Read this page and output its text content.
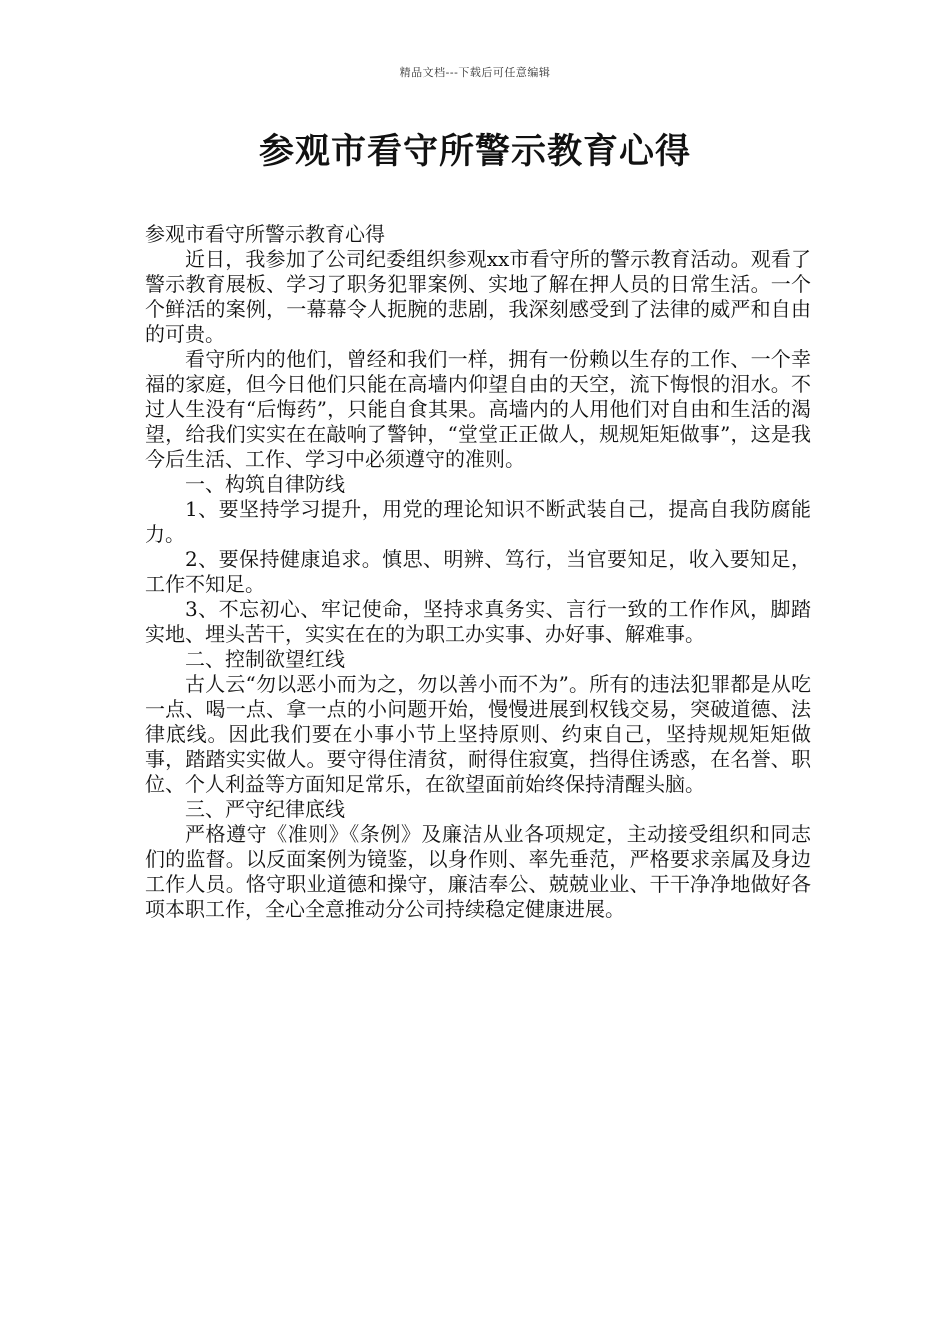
精品文档---下载后可任意编辑
参观市看守所警示教育心得

参观市看守所警示教育心得

近日，我参加了公司纪委组织参观xx市看守所的警示教育活动。观看了警示教育展板、学习了职务犯罪案例、实地了解在押人员的日常生活。一个个鲜活的案例，一幕幕令人扼腕的悲剧，我深刻感受到了法律的威严和自由的可贵。

看守所内的他们，曾经和我们一样，拥有一份赖以生存的工作、一个幸福的家庭，但今日他们只能在高墙内仰望自由的天空，流下悔恨的泪水。不过人生没有“后悔药”，只能自食其果。高墙内的人用他们对自由和生活的渴望，给我们实实在在敲响了警钟，“堂堂正正做人，规规矩矩做事”，这是我今后生活、工作、学习中必须遵守的准则。

一、构筑自律防线

1、要坚持学习提升，用党的理论知识不断武装自己，提高自我防腐能力。

2、要保持健康追求。慎思、明辨、笃行，当官要知足，收入要知足，工作不知足。

3、不忘初心、牢记使命，坚持求真务实、言行一致的工作作风，脚踏实地、埋头苦干，实实在在的为职工办实事、办好事、解难事。

二、控制欲望红线

古人云“勿以恶小而为之，勿以善小而不为”。所有的违法犯罪都是从吃一点、喝一点、拿一点的小问题开始，慢慢进展到权钱交易，突破道德、法律底线。因此我们要在小事小节上坚持原则、约束自己，坚持规规矩矩做事，踏踏实实做人。要守得住清贫，耐得住寂寞，挡得住诱惑，在名誉、职位、个人利益等方面知足常乐，在欲望面前始终保持清醒头脑。

三、严守纪律底线

严格遵守《准则》《条例》及廉洁从业各项规定，主动接受组织和同志们的监督。以反面案例为镜鉴，以身作则、率先垂范，严格要求亲属及身边工作人员。恪守职业道德和操守，廉洁奉公、兢兢业业、干干净净地做好各项本职工作，全心全意推动分公司持续稳定健康进展。
